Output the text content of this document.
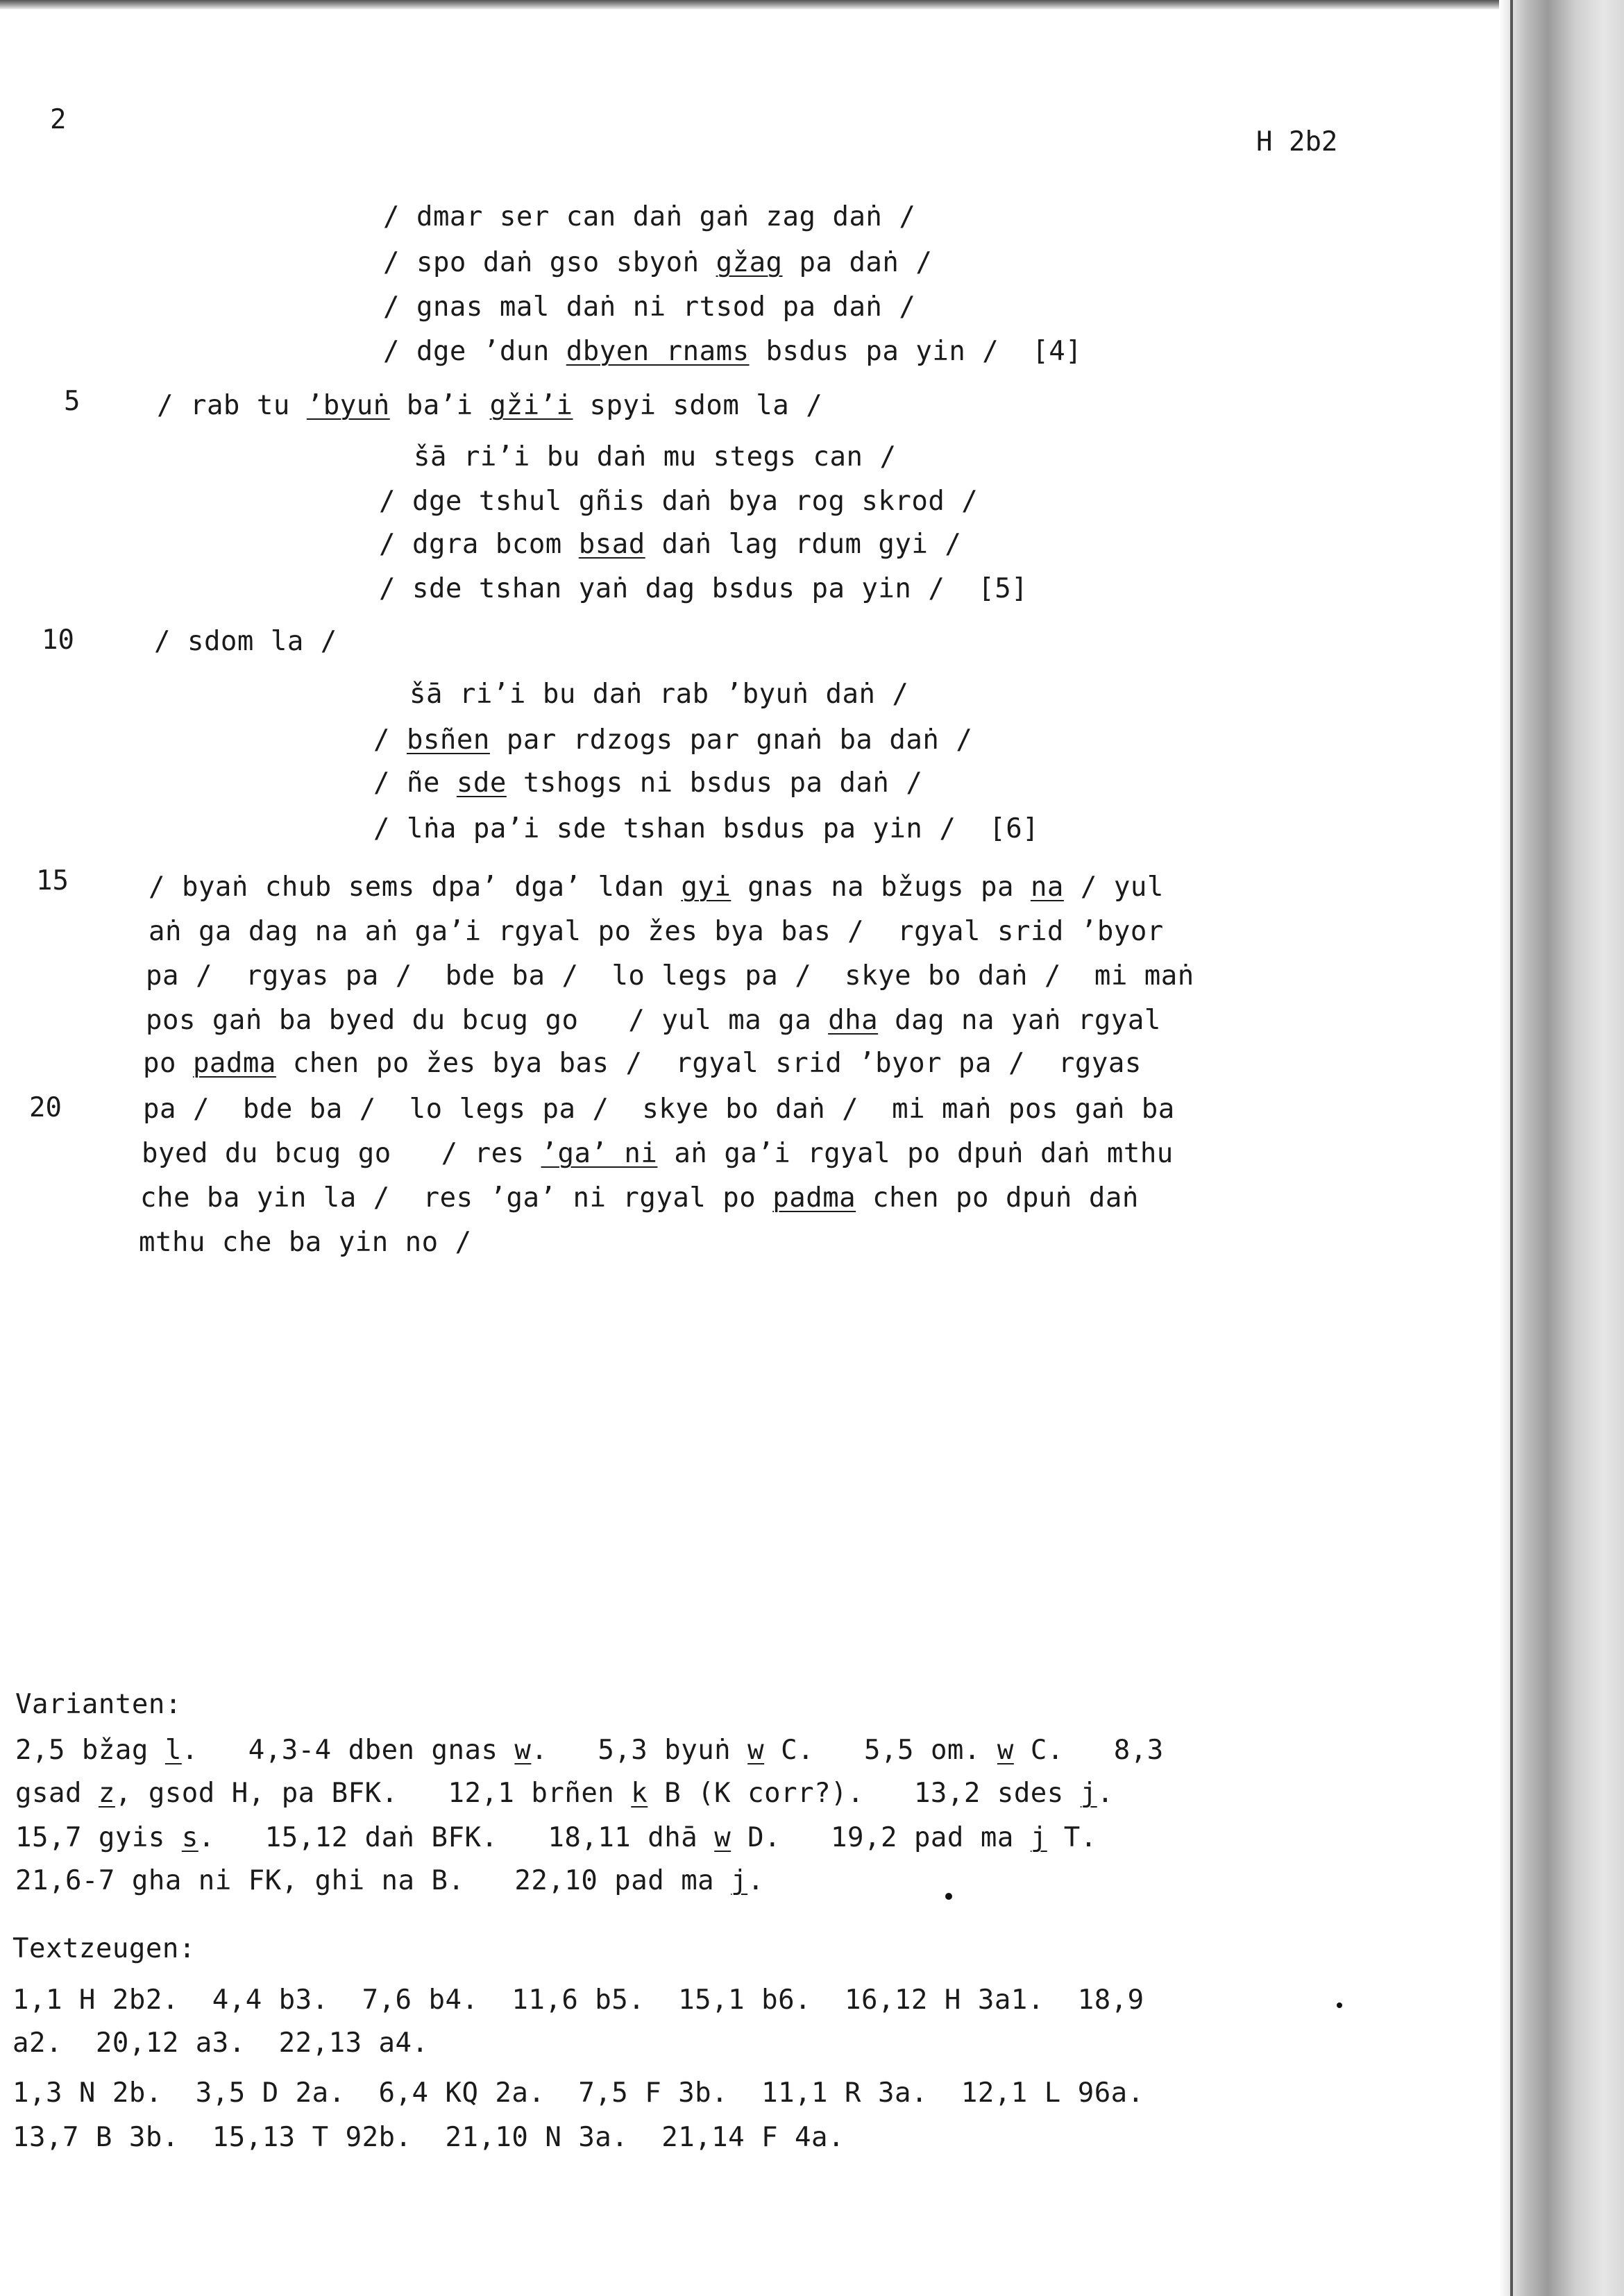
2
H 2b2
5
10
15
20
/ dmar ser can daṅ gaṅ zag daṅ /
/ spo daṅ gso sbyoṅ gžag pa daṅ /
/ gnas mal daṅ ni rtsod pa daṅ /
/ dge ’dun dbyen rnams bsdus pa yin /  [4]
/ rab tu ’byuṅ ba’i gži’i spyi sdom la /
šā ri’i bu daṅ mu stegs can /
/ dge tshul gñis daṅ bya rog skrod /
/ dgra bcom bsad daṅ lag rdum gyi /
/ sde tshan yaṅ dag bsdus pa yin /  [5]
/ sdom la /
šā ri’i bu daṅ rab ’byuṅ daṅ /
/ bsñen par rdzogs par gnaṅ ba daṅ /
/ ñe sde tshogs ni bsdus pa daṅ /
/ lṅa pa’i sde tshan bsdus pa yin /  [6]
/ byaṅ chub sems dpa’ dga’ ldan gyi gnas na bžugs pa na / yul
aṅ ga dag na aṅ ga’i rgyal po žes bya bas /  rgyal srid ’byor
pa /  rgyas pa /  bde ba /  lo legs pa /  skye bo daṅ /  mi maṅ
pos gaṅ ba byed du bcug go   / yul ma ga dha dag na yaṅ rgyal
po padma chen po žes bya bas /  rgyal srid ’byor pa /  rgyas
pa /  bde ba /  lo legs pa /  skye bo daṅ /  mi maṅ pos gaṅ ba
byed du bcug go   / res ’ga’ ni aṅ ga’i rgyal po dpuṅ daṅ mthu
che ba yin la /  res ’ga’ ni rgyal po padma chen po dpuṅ daṅ
mthu che ba yin no /
Varianten:
2,5 bžag l.   4,3-4 dben gnas w.   5,3 byuṅ w C.   5,5 om. w C.   8,3
gsad z, gsod H, pa BFK.   12,1 brñen k B (K corr?).   13,2 sdes j.
15,7 gyis s.   15,12 daṅ BFK.   18,11 dhā w D.   19,2 pad ma j T.
21,6-7 gha ni FK, ghi na B.   22,10 pad ma j.
Textzeugen:
1,1 H 2b2.  4,4 b3.  7,6 b4.  11,6 b5.  15,1 b6.  16,12 H 3a1.  18,9
a2.  20,12 a3.  22,13 a4.
1,3 N 2b.  3,5 D 2a.  6,4 KQ 2a.  7,5 F 3b.  11,1 R 3a.  12,1 L 96a.
13,7 B 3b.  15,13 T 92b.  21,10 N 3a.  21,14 F 4a.
